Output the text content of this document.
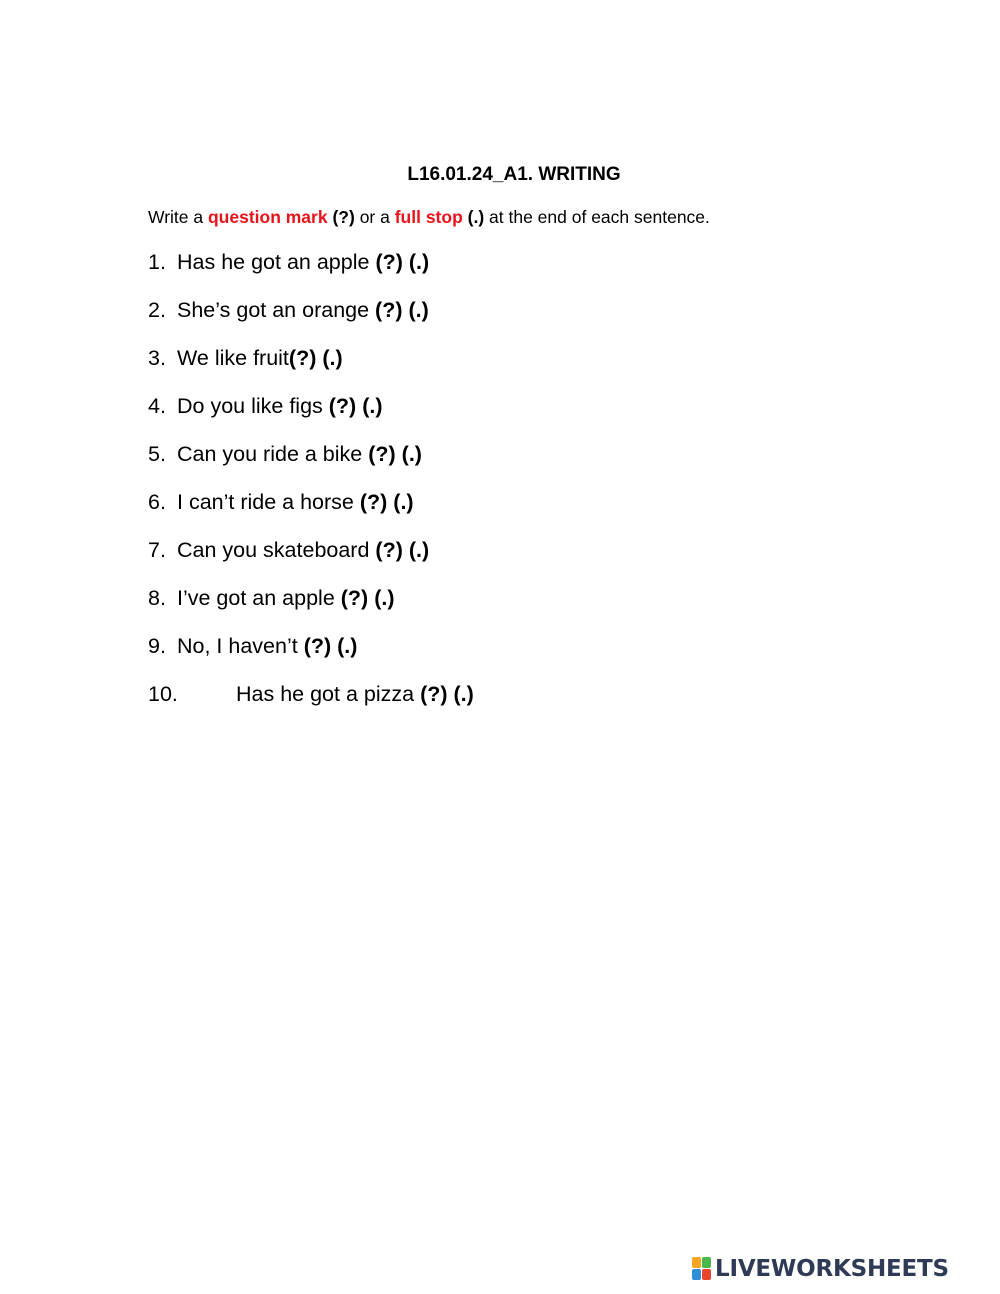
L16.01.24_A1. WRITING
Write a question mark (?) or a full stop (.) at the end of each sentence.
1. Has he got an apple (?) (.)
2. She’s got an orange (?) (.)
3. We like fruit(?) (.)
4. Do you like figs (?) (.)
5. Can you ride a bike (?) (.)
6. I can’t ride a horse (?) (.)
7. Can you skateboard (?) (.)
8. I’ve got an apple (?) (.)
9. No, I haven’t (?) (.)
10.	Has he got a pizza (?) (.)
LIVEWORKSHEETS
